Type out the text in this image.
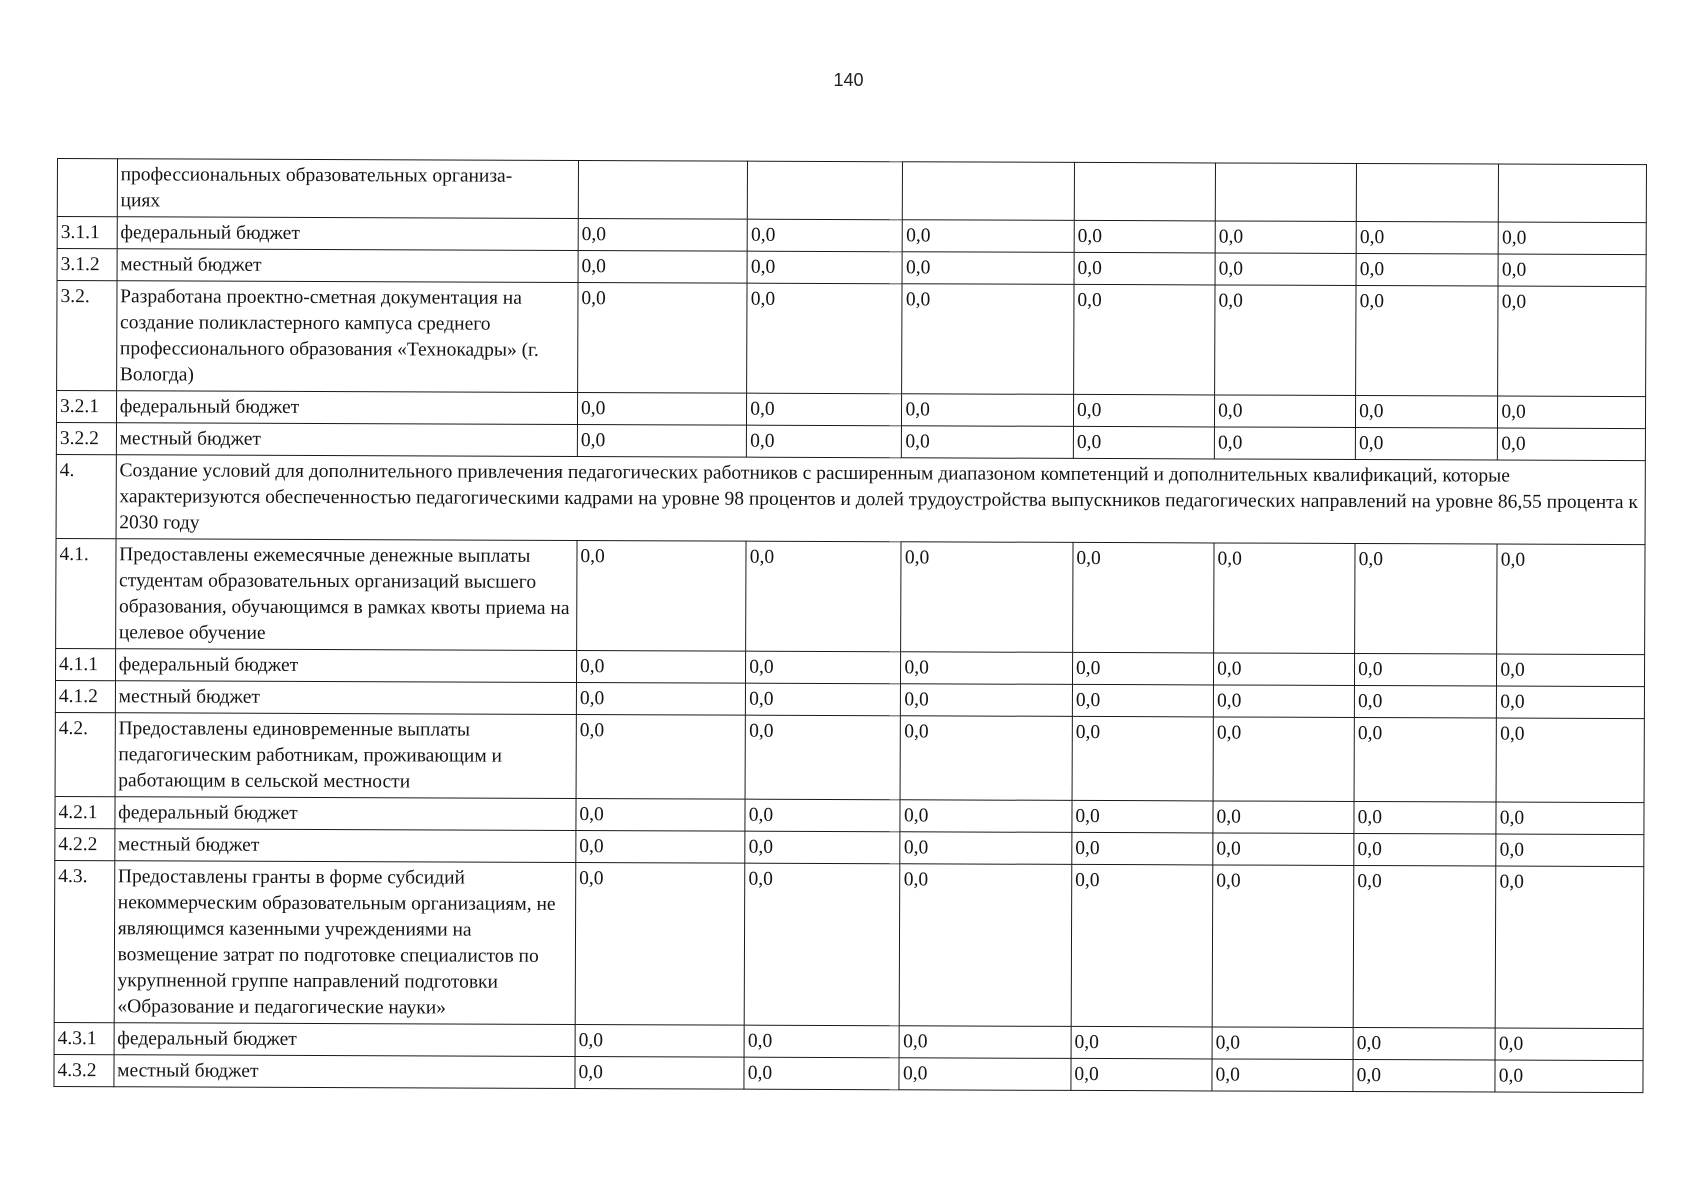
140
	профессиональных образовательных организа-
циях							
3.1.1	федеральный бюджет	0,0	0,0	0,0	0,0	0,0	0,0	0,0
3.1.2	местный бюджет	0,0	0,0	0,0	0,0	0,0	0,0	0,0
3.2.	Разработана проектно-сметная документация на создание поликластерного кампуса среднего профессионального образования «Технокадры» (г. Вологда)	0,0	0,0	0,0	0,0	0,0	0,0	0,0
3.2.1	федеральный бюджет	0,0	0,0	0,0	0,0	0,0	0,0	0,0
3.2.2	местный бюджет	0,0	0,0	0,0	0,0	0,0	0,0	0,0
4.	Создание условий для дополнительного привлечения педагогических работников с расширенным диапазоном компетенций и дополнительных квалификаций, которые характеризуются обеспеченностью педагогическими кадрами на уровне 98 процентов и долей трудоустройства выпускников педагогических направлений на уровне 86,55 процента к 2030 году							
4.1.	Предоставлены ежемесячные денежные выплаты студентам образовательных организаций высшего образования, обучающимся в рамках квоты приема на целевое обучение	0,0	0,0	0,0	0,0	0,0	0,0	0,0
4.1.1	федеральный бюджет	0,0	0,0	0,0	0,0	0,0	0,0	0,0
4.1.2	местный бюджет	0,0	0,0	0,0	0,0	0,0	0,0	0,0
4.2.	Предоставлены единовременные выплаты педагогическим работникам, проживающим и работающим в сельской местности	0,0	0,0	0,0	0,0	0,0	0,0	0,0
4.2.1	федеральный бюджет	0,0	0,0	0,0	0,0	0,0	0,0	0,0
4.2.2	местный бюджет	0,0	0,0	0,0	0,0	0,0	0,0	0,0
4.3.	Предоставлены гранты в форме субсидий некоммерческим образовательным организациям, не являющимся казенными учреждениями на возмещение затрат по подготовке специалистов по укрупненной группе направлений подготовки «Образование и педагогические науки»	0,0	0,0	0,0	0,0	0,0	0,0	0,0
4.3.1	федеральный бюджет	0,0	0,0	0,0	0,0	0,0	0,0	0,0
4.3.2	местный бюджет	0,0	0,0	0,0	0,0	0,0	0,0	0,0
